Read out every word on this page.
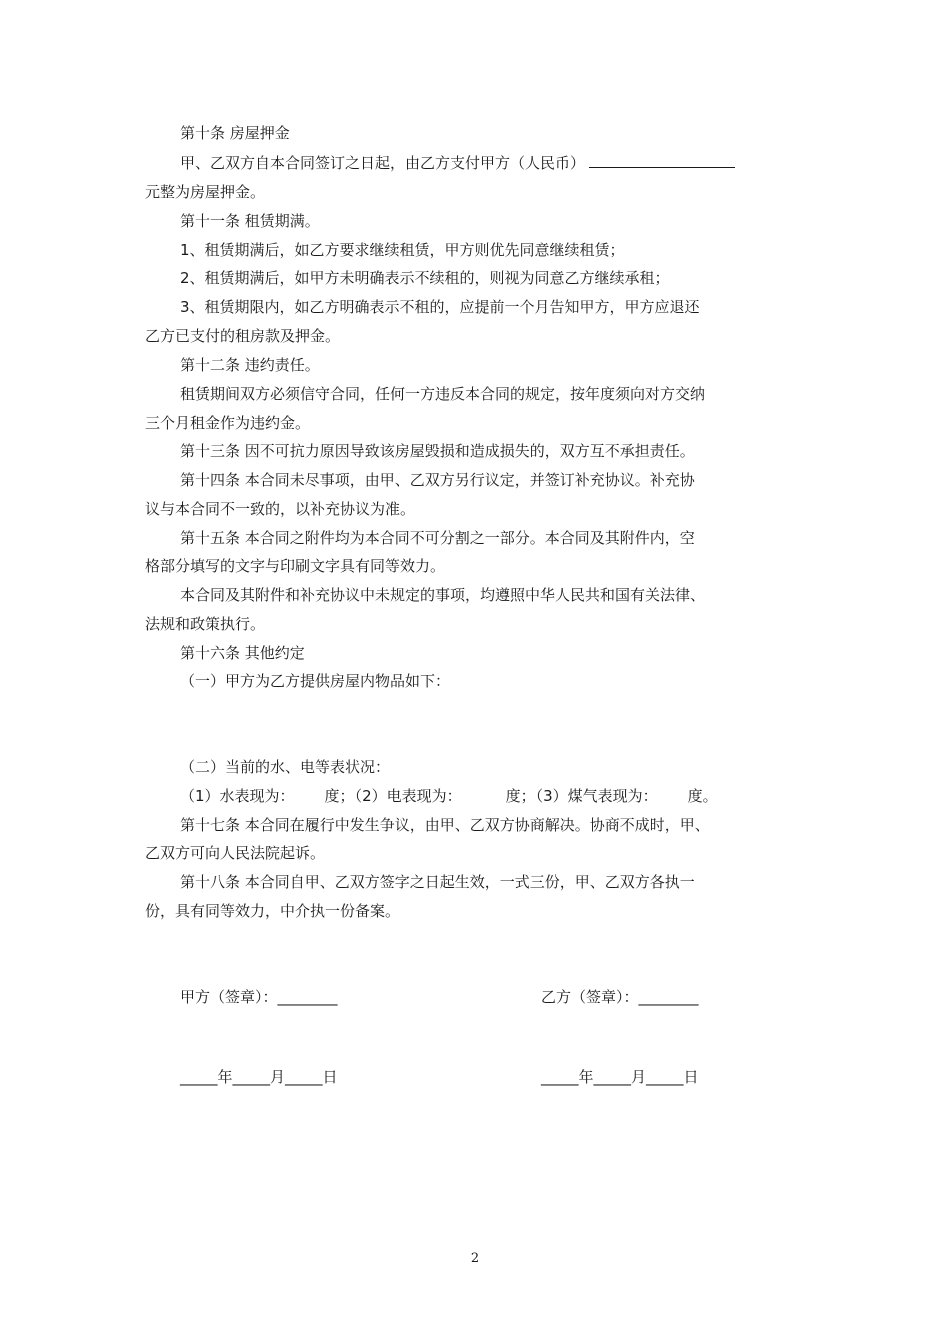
第十条 房屋押金
甲、乙双方自本合同签订之日起，由乙方支付甲方（人民币）
元整为房屋押金。
第十一条 租赁期满。
1、租赁期满后，如乙方要求继续租赁，甲方则优先同意继续租赁；
2、租赁期满后，如甲方未明确表示不续租的，则视为同意乙方继续承租；
3、租赁期限内，如乙方明确表示不租的，应提前一个月告知甲方，甲方应退还
乙方已支付的租房款及押金。
第十二条 违约责任。
租赁期间双方必须信守合同，任何一方违反本合同的规定，按年度须向对方交纳
三个月租金作为违约金。
第十三条 因不可抗力原因导致该房屋毁损和造成损失的，双方互不承担责任。
第十四条 本合同未尽事项，由甲、乙双方另行议定，并签订补充协议。补充协
议与本合同不一致的，以补充协议为准。
第十五条 本合同之附件均为本合同不可分割之一部分。本合同及其附件内，空
格部分填写的文字与印刷文字具有同等效力。
本合同及其附件和补充协议中未规定的事项，均遵照中华人民共和国有关法律、
法规和政策执行。
第十六条 其他约定
（一）甲方为乙方提供房屋内物品如下：
（二）当前的水、电等表状况：
（1）水表现为： 度；（2）电表现为：	度；（3）煤气表现为： 度。
第十七条 本合同在履行中发生争议，由甲、乙双方协商解决。协商不成时，甲、
乙双方可向人民法院起诉。
第十八条 本合同自甲、乙双方签字之日起生效，一式三份，甲、乙双方各执一
份，具有同等效力，中介执一份备案。
甲方（签章）：________	乙方（签章）：________
_____年_____月_____日	_____年_____月_____日
2
